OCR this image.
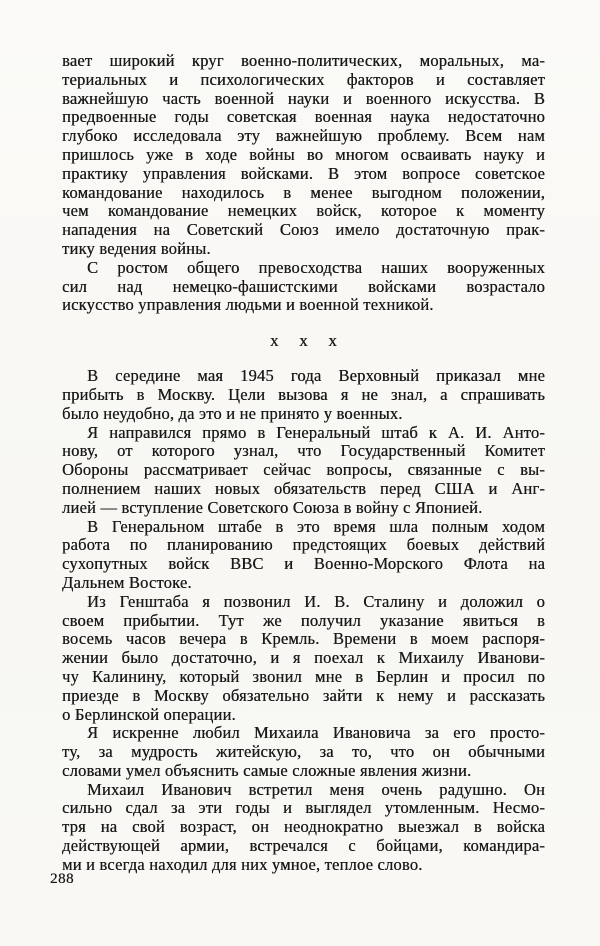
вает широкий круг военно-политических, моральных, ма-
териальных и психологических факторов и составляет
важнейшую часть военной науки и военного искусства. В
предвоенные годы советская военная наука недостаточно
глубоко исследовала эту важнейшую проблему. Всем нам
пришлось уже в ходе войны во многом осваивать науку и
практику управления войсками. В этом вопросе советское
командование находилось в менее выгодном положении,
чем командование немецких войск, которое к моменту
нападения на Советский Союз имело достаточную прак-
тику ведения войны.
С ростом общего превосходства наших вооруженных
сил над немецко-фашистскими войсками возрастало
искусство управления людьми и военной техникой.
х х х
В середине мая 1945 года Верховный приказал мне
прибыть в Москву. Цели вызова я не знал, а спрашивать
было неудобно, да это и не принято у военных.
Я направился прямо в Генеральный штаб к А. И. Анто-
нову, от которого узнал, что Государственный Комитет
Обороны рассматривает сейчас вопросы, связанные с вы-
полнением наших новых обязательств перед США и Анг-
лией — вступление Советского Союза в войну с Японией.
В Генеральном штабе в это время шла полным ходом
работа по планированию предстоящих боевых действий
сухопутных войск ВВС и Военно-Морского Флота на
Дальнем Востоке.
Из Генштаба я позвонил И. В. Сталину и доложил о
своем прибытии. Тут же получил указание явиться в
восемь часов вечера в Кремль. Времени в моем распоря-
жении было достаточно, и я поехал к Михаилу Иванови-
чу Калинину, который звонил мне в Берлин и просил по
приезде в Москву обязательно зайти к нему и рассказать
о Берлинской операции.
Я искренне любил Михаила Ивановича за его просто-
ту, за мудрость житейскую, за то, что он обычными
словами умел объяснить самые сложные явления жизни.
Михаил Иванович встретил меня очень радушно. Он
сильно сдал за эти годы и выглядел утомленным. Несмо-
тря на свой возраст, он неоднократно выезжал в войска
действующей армии, встречался с бойцами, командира-
ми и всегда находил для них умное, теплое слово.
288
